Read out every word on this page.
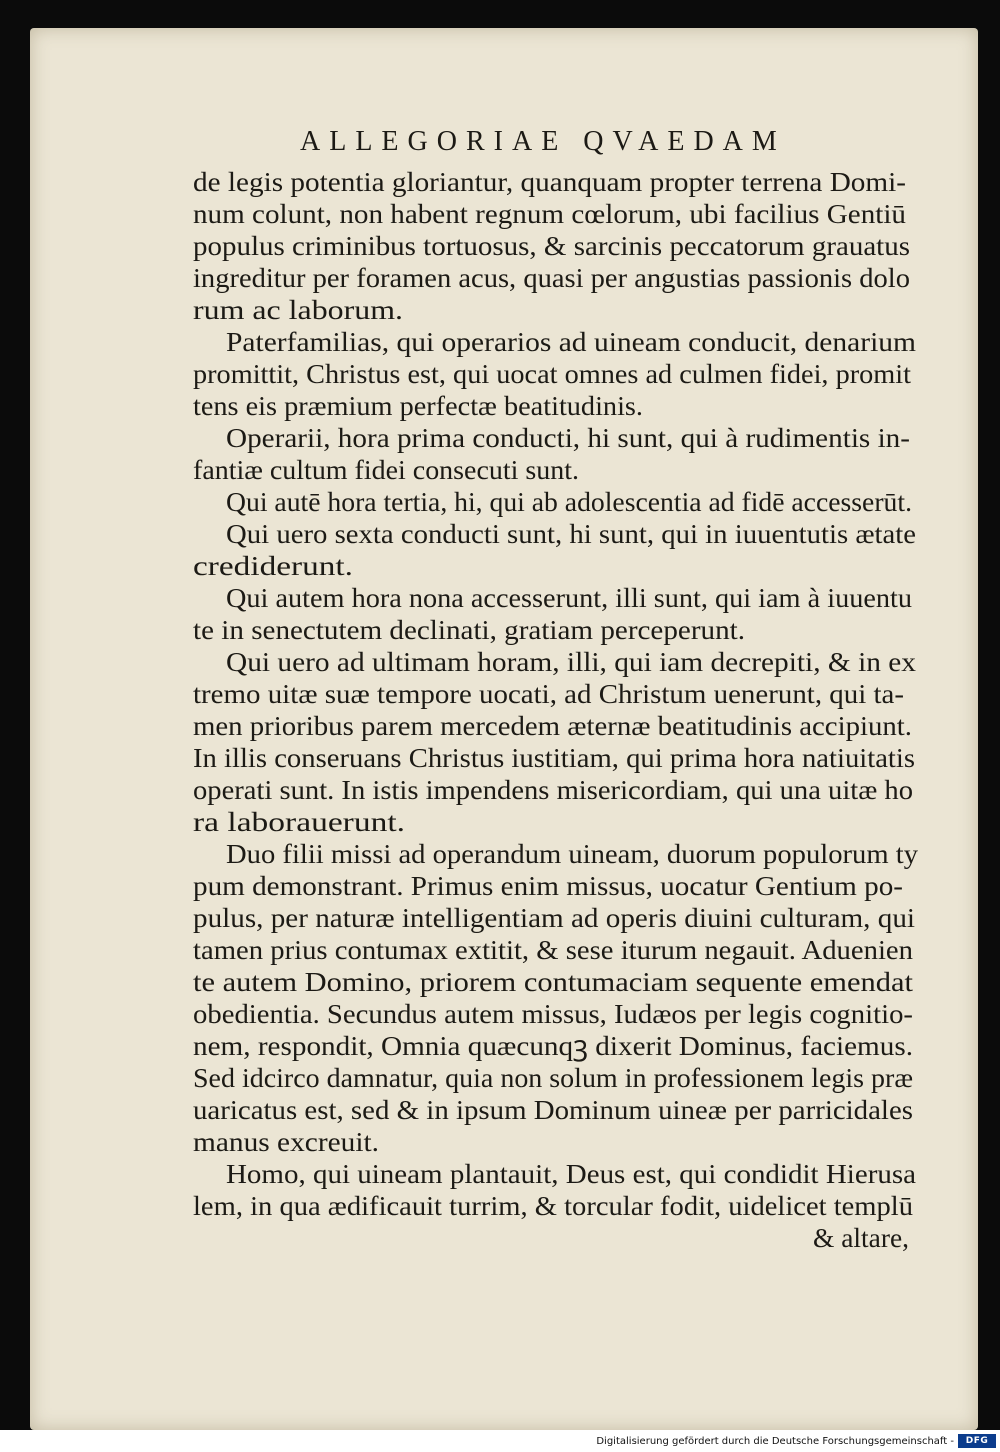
ALLEGORIAE QVAEDAM
de legis potentia gloriantur, quanquam propter terrena Domi-
num colunt, non habent regnum cœlorum, ubi facilius Gentiū
populus criminibus tortuosus, & sarcinis peccatorum grauatus
ingreditur per foramen acus, quasi per angustias passionis dolo
rum ac laborum.
Paterfamilias, qui operarios ad uineam conducit, denarium
promittit, Christus est, qui uocat omnes ad culmen fidei, promit
tens eis præmium perfectæ beatitudinis.
Operarii, hora prima conducti, hi sunt, qui à rudimentis in-
fantiæ cultum fidei consecuti sunt.
Qui autē hora tertia, hi, qui ab adolescentia ad fidē accesserūt.
Qui uero sexta conducti sunt, hi sunt, qui in iuuentutis ætate
crediderunt.
Qui autem hora nona accesserunt, illi sunt, qui iam à iuuentu
te in senectutem declinati, gratiam perceperunt.
Qui uero ad ultimam horam, illi, qui iam decrepiti, & in ex
tremo uitæ suæ tempore uocati, ad Christum uenerunt, qui ta-
men prioribus parem mercedem æternæ beatitudinis accipiunt.
In illis conseruans Christus iustitiam, qui prima hora natiuitatis
operati sunt. In istis impendens misericordiam, qui una uitæ ho
ra laborauerunt.
Duo filii missi ad operandum uineam, duorum populorum ty
pum demonstrant. Primus enim missus, uocatur Gentium po-
pulus, per naturæ intelligentiam ad operis diuini culturam, qui
tamen prius contumax extitit, & sese iturum negauit. Aduenien
te autem Domino, priorem contumaciam sequente emendat
obedientia. Secundus autem missus, Iudæos per legis cognitio-
nem, respondit, Omnia quæcunqꝫ dixerit Dominus, faciemus.
Sed idcirco damnatur, quia non solum in professionem legis præ
uaricatus est, sed & in ipsum Dominum uineæ per parricidales
manus excreuit.
Homo, qui uineam plantauit, Deus est, qui condidit Hierusa
lem, in qua ædificauit turrim, & torcular fodit, uidelicet templū
& altare,
Digitalisierung gefördert durch die Deutsche Forschungsgemeinschaft -	DFG
